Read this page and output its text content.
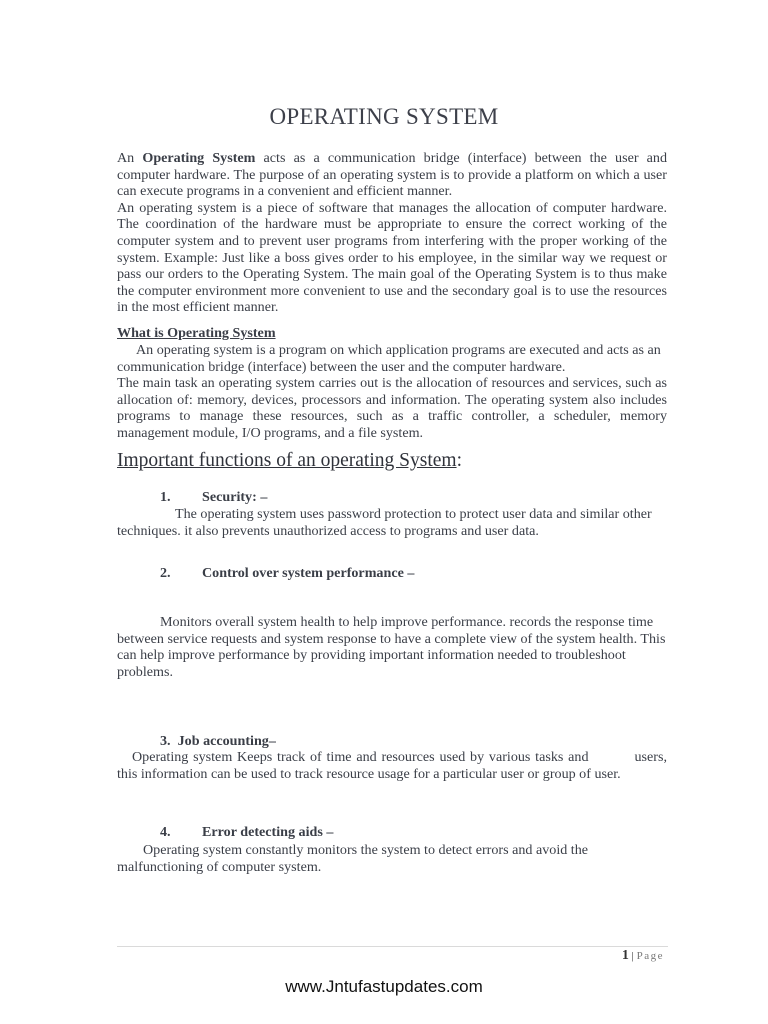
OPERATING SYSTEM

An Operating System acts as a communication bridge (interface) between the user and computer hardware. The purpose of an operating system is to provide a platform on which a user can execute programs in a convenient and efficient manner.

An operating system is a piece of software that manages the allocation of computer hardware. The coordination of the hardware must be appropriate to ensure the correct working of the computer system and to prevent user programs from interfering with the proper working of the system. Example: Just like a boss gives order to his employee, in the similar way we request or pass our orders to the Operating System. The main goal of the Operating System is to thus make the computer environment more convenient to use and the secondary goal is to use the resources in the most efficient manner.

What is Operating System

An operating system is a program on which application programs are executed and acts as an communication bridge (interface) between the user and the computer hardware.

The main task an operating system carries out is the allocation of resources and services, such as allocation of: memory, devices, processors and information. The operating system also includes programs to manage these resources, such as a traffic controller, a scheduler, memory management module, I/O programs, and a file system.

Important functions of an operating System:
1. Security: –

The operating system uses password protection to protect user data and similar other techniques. it also prevents unauthorized access to programs and user data.

2. Control over system performance –

Monitors overall system health to help improve performance. records the response time between service requests and system response to have a complete view of the system health. This can help improve performance by providing important information needed to troubleshoot problems.

3. Job accounting–

Operating system Keeps track of time and resources used by various tasks and	users, this information can be used to track resource usage for a particular user or group of user.

4. Error detecting aids –

Operating system constantly monitors the system to detect errors and avoid the malfunctioning of computer system.

1 | Page
www.Jntufastupdates.com
